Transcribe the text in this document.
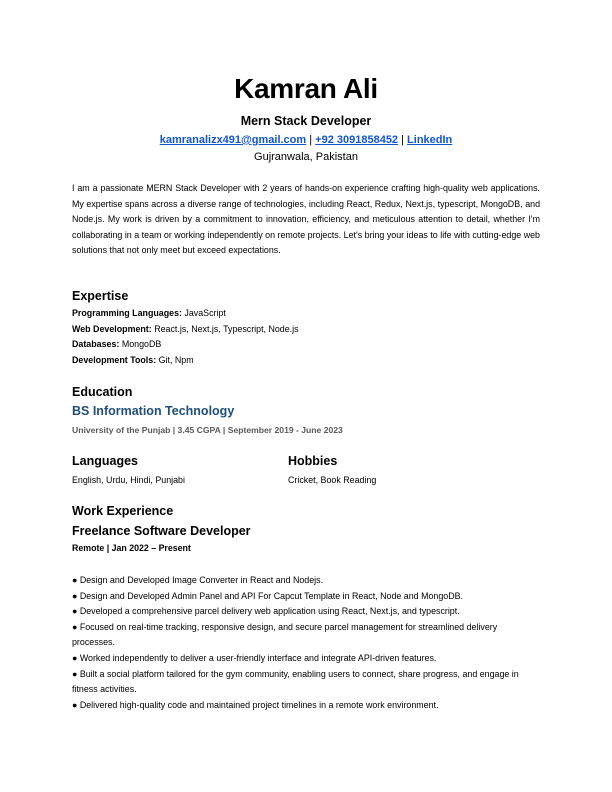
Kamran Ali
Mern Stack Developer
kamranalizx491@gmail.com | +92 3091858452 | LinkedIn
Gujranwala, Pakistan
I am a passionate MERN Stack Developer with 2 years of hands-on experience crafting high-quality web applications. My expertise spans across a diverse range of technologies, including React, Redux, Next.js, typescript, MongoDB, and Node.js. My work is driven by a commitment to innovation, efficiency, and meticulous attention to detail, whether I'm collaborating in a team or working independently on remote projects. Let's bring your ideas to life with cutting-edge web solutions that not only meet but exceed expectations.
Expertise
Programming Languages: JavaScript
Web Development: React.js, Next.js, Typescript, Node.js
Databases: MongoDB
Development Tools: Git, Npm
Education
BS Information Technology
University of the Punjab | 3.45 CGPA | September 2019 - June 2023
Languages
English, Urdu, Hindi, Punjabi
Hobbies
Cricket, Book Reading
Work Experience
Freelance Software Developer
Remote | Jan 2022 – Present
● Design and Developed Image Converter in React and Nodejs.
● Design and Developed Admin Panel and API For Capcut Template in React, Node and MongoDB.
● Developed a comprehensive parcel delivery web application using React, Next.js, and typescript.
● Focused on real-time tracking, responsive design, and secure parcel management for streamlined delivery processes.
● Worked independently to deliver a user-friendly interface and integrate API-driven features.
● Built a social platform tailored for the gym community, enabling users to connect, share progress, and engage in fitness activities.
● Delivered high-quality code and maintained project timelines in a remote work environment.
